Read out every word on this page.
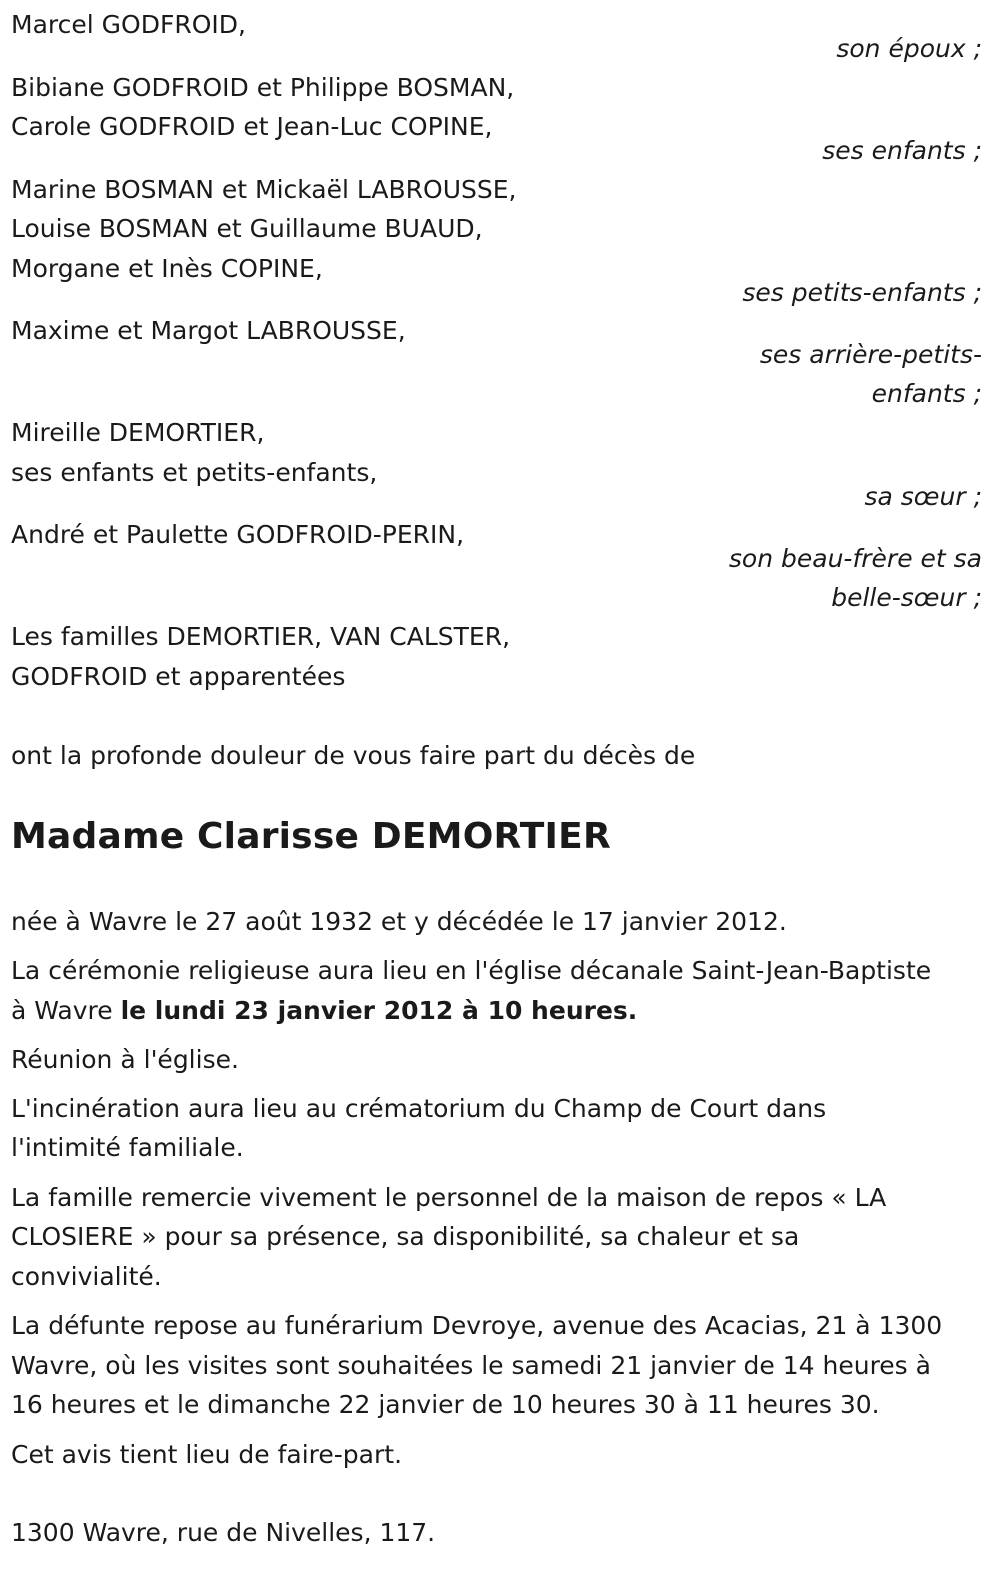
Marcel GODFROID,
son époux ;
Bibiane GODFROID et Philippe BOSMAN,
Carole GODFROID et Jean-Luc COPINE,
ses enfants ;
Marine BOSMAN et Mickaël LABROUSSE,
Louise BOSMAN et Guillaume BUAUD,
Morgane et Inès COPINE,
ses petits-enfants ;
Maxime et Margot LABROUSSE,
ses arrière-petits-
enfants ;
Mireille DEMORTIER,
ses enfants et petits-enfants,
sa sœur ;
André et Paulette GODFROID-PERIN,
son beau-frère et sa
belle-sœur ;
Les familles DEMORTIER, VAN CALSTER,
GODFROID et apparentées
ont la profonde douleur de vous faire part du décès de
Madame Clarisse DEMORTIER
née à Wavre le 27 août 1932 et y décédée le 17 janvier 2012.
La cérémonie religieuse aura lieu en l'église décanale Saint-Jean-Baptiste
à Wavre le lundi 23 janvier 2012 à 10 heures.
Réunion à l'église.
L'incinération aura lieu au crématorium du Champ de Court dans
l'intimité familiale.
La famille remercie vivement le personnel de la maison de repos « LA
CLOSIERE » pour sa présence, sa disponibilité, sa chaleur et sa
convivialité.
La défunte repose au funérarium Devroye, avenue des Acacias, 21 à 1300
Wavre, où les visites sont souhaitées le samedi 21 janvier de 14 heures à
16 heures et le dimanche 22 janvier de 10 heures 30 à 11 heures 30.
Cet avis tient lieu de faire-part.
1300 Wavre, rue de Nivelles, 117.
